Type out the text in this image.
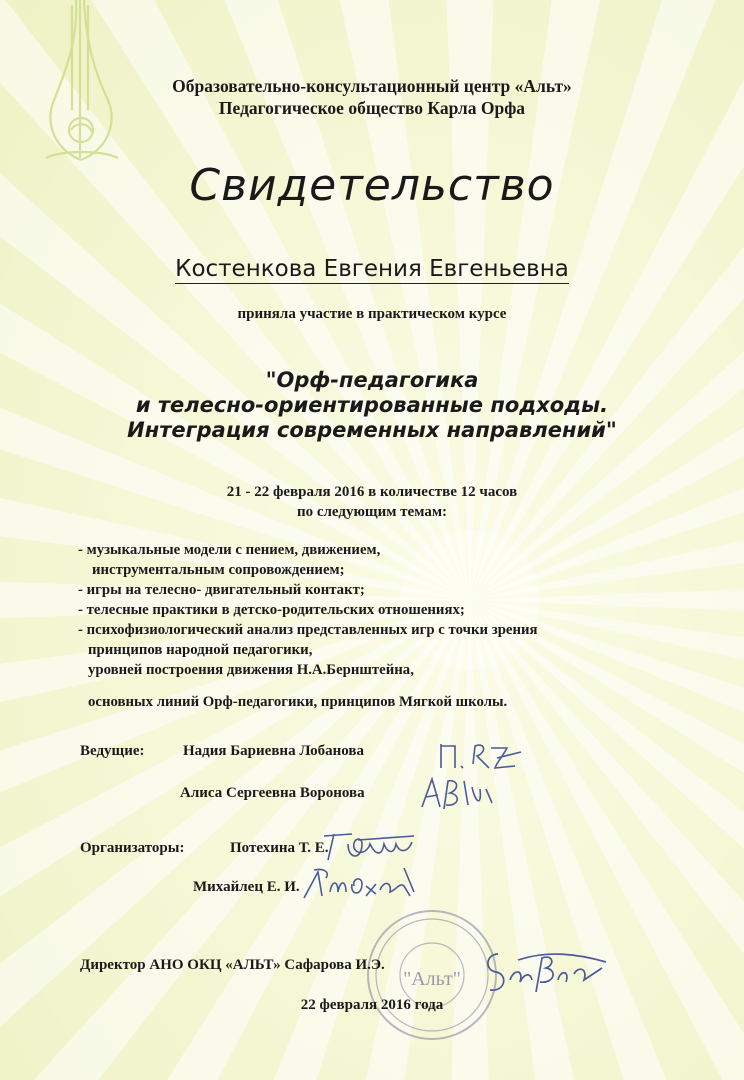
Образовательно-консультационный центр «Альт»
Педагогическое общество Карла Орфа
Свидетельство
Костенкова Евгения Евгеньевна
приняла участие в практическом курсе
"Орф-педагогика
и телесно-ориентированные подходы.
Интеграция современных направлений"
21 - 22 февраля 2016 в количестве 12 часов
по следующим темам:
- музыкальные модели с пением, движением,
инструментальным сопровождением;
- игры на телесно- двигательный контакт;
- телесные практики в детско-родительских отношениях;
- психофизиологический анализ представленных игр с точки зрения
принципов народной педагогики,
уровней построения движения Н.А.Бернштейна,
основных линий Орф-педагогики, принципов Мягкой школы.
Ведущие:	Надия Бариевна Лобанова
Алиса Сергеевна Воронова
Организаторы:	Потехина Т. Е.
Михайлец Е. И.
"Альт"
Директор АНО ОКЦ «АЛЬТ» Сафарова И.Э.
22 февраля 2016 года
